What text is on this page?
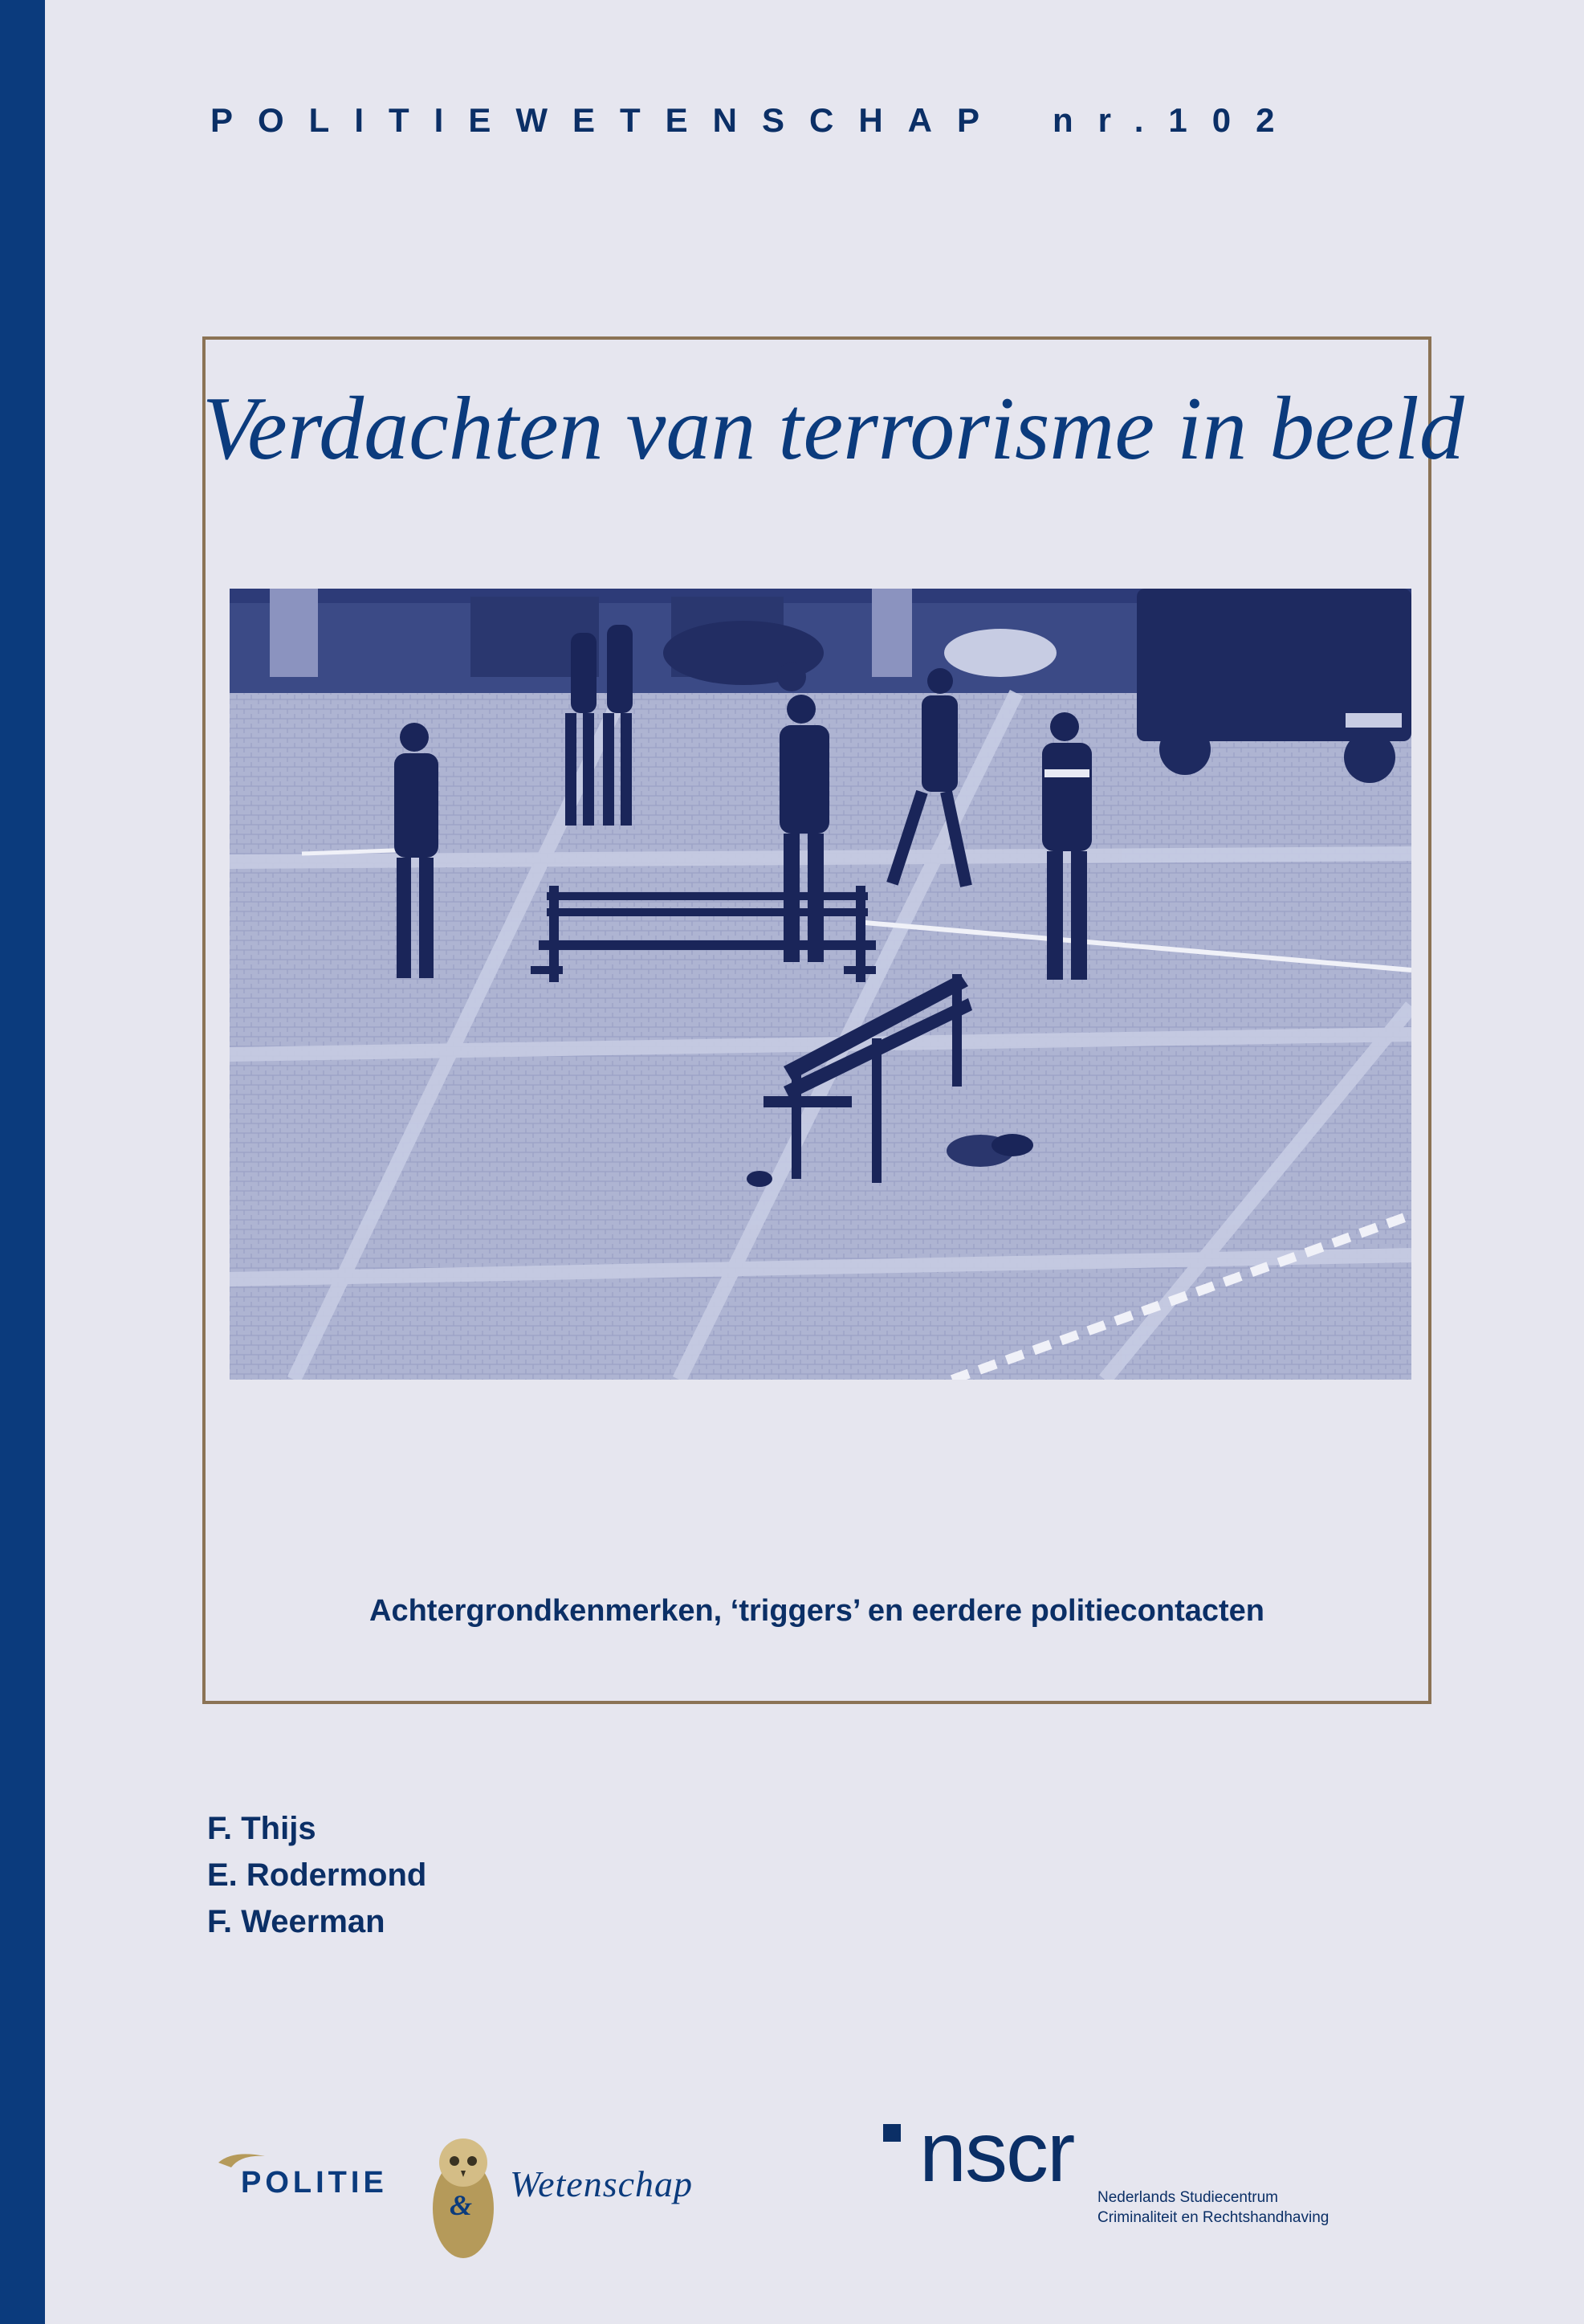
POLITIEWETENSCHAP nr.102
Verdachten van terrorisme in beeld
Achtergrondkenmerken, ‘triggers’ en eerdere politiecontacten
F. Thijs
E. Rodermond
F. Weerman
POLITIE
&
Wetenschap	nscr Nederlands Studiecentrum
Criminaliteit en Rechtshandhaving
